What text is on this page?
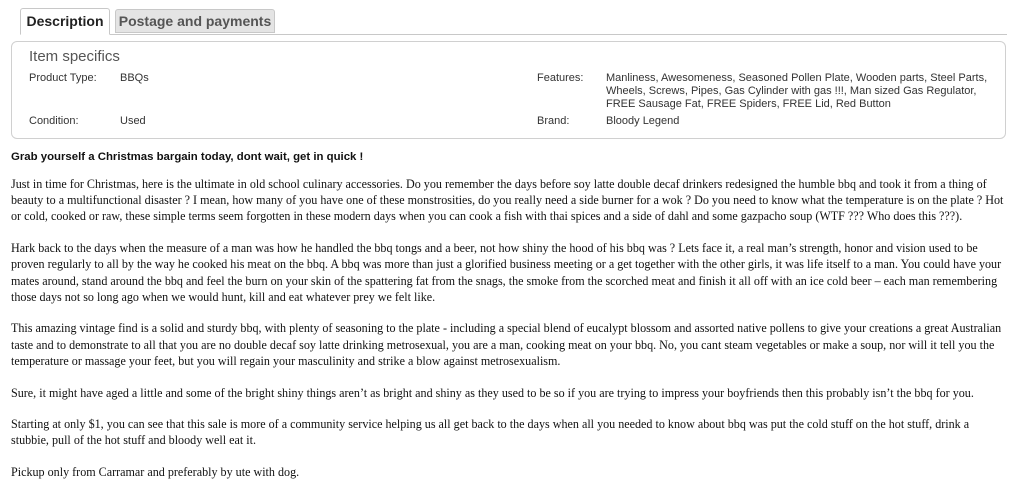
Description	Postage and payments
Item specifics
Product Type: BBQs
Condition:	Used
Features: Manliness, Awesomeness, Seasoned Pollen Plate, Wooden parts, Steel Parts,
Wheels, Screws, Pipes, Gas Cylinder with gas !!!, Man sized Gas Regulator,
FREE Sausage Fat, FREE Spiders, FREE Lid, Red Button
Brand:	Bloody Legend

Grab yourself a Christmas bargain today, dont wait, get in quick !

Just in time for Christmas, here is the ultimate in old school culinary accessories. Do you remember the days before soy latte double decaf drinkers redesigned the humble bbq and took it from a thing of beauty to a multifunctional disaster ? I mean, how many of you have one of these monstrosities, do you really need a side burner for a wok ? Do you need to know what the temperature is on the plate ? Hot or cold, cooked or raw, these simple terms seem forgotten in these modern days when you can cook a fish with thai spices and a side of dahl and some gazpacho soup (WTF ??? Who does this ???).

Hark back to the days when the measure of a man was how he handled the bbq tongs and a beer, not how shiny the hood of his bbq was ? Lets face it, a real man’s strength, honor and vision used to be proven regularly to all by the way he cooked his meat on the bbq. A bbq was more than just a glorified business meeting or a get together with the other girls, it was life itself to a man. You could have your mates around, stand around the bbq and feel the burn on your skin of the spattering fat from the snags, the smoke from the scorched meat and finish it all off with an ice cold beer – each man remembering those days not so long ago when we would hunt, kill and eat whatever prey we felt like.

This amazing vintage find is a solid and sturdy bbq, with plenty of seasoning to the plate - including a special blend of eucalypt blossom and assorted native pollens to give your creations a great Australian taste and to demonstrate to all that you are no double decaf soy latte drinking metrosexual, you are a man, cooking meat on your bbq. No, you cant steam vegetables or make a soup, nor will it tell you the temperature or massage your feet, but you will regain your masculinity and strike a blow against metrosexualism.

Sure, it might have aged a little and some of the bright shiny things aren’t as bright and shiny as they used to be so if you are trying to impress your boyfriends then this probably isn’t the bbq for you.

Starting at only $1, you can see that this sale is more of a community service helping us all get back to the days when all you needed to know about bbq was put the cold stuff on the hot stuff, drink a stubbie, pull of the hot stuff and bloody well eat it.

Pickup only from Carramar and preferably by ute with dog.
